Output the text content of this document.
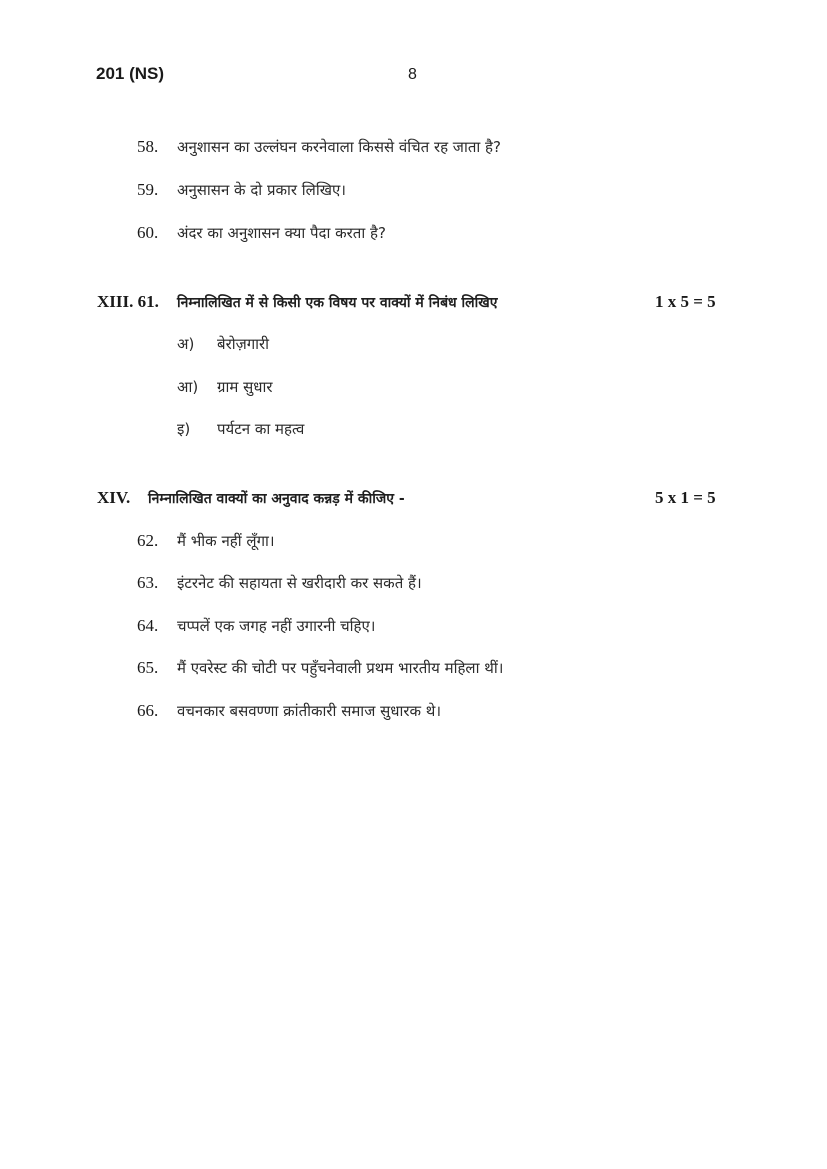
201 (NS)	8
58. अनुशासन का उल्लंघन करनेवाला किससे वंचित रह जाता है?
59. अनुसासन के दो प्रकार लिखिए।
60. अंदर का अनुशासन क्या पैदा करता है?
XIII. 61. निम्नालिखित में से किसी एक विषय पर वाक्यों में निबंध लिखिए	1 x 5 = 5
अ) बेरोज़गारी
आ) ग्राम सुधार
इ) पर्यटन का महत्व
XIV. निम्नालिखित वाक्यों का अनुवाद कन्नड़ में कीजिए -	5 x 1 = 5
62. मैं भीक नहीं लूँगा।
63. इंटरनेट की सहायता से खरीदारी कर सकते हैं।
64. चप्पलें एक जगह नहीं उगारनी चहिए।
65. मैं एवरेस्ट की चोटी पर पहुँचनेवाली प्रथम भारतीय महिला थीं।
66. वचनकार बसवण्णा क्रांतीकारी समाज सुधारक थे।
